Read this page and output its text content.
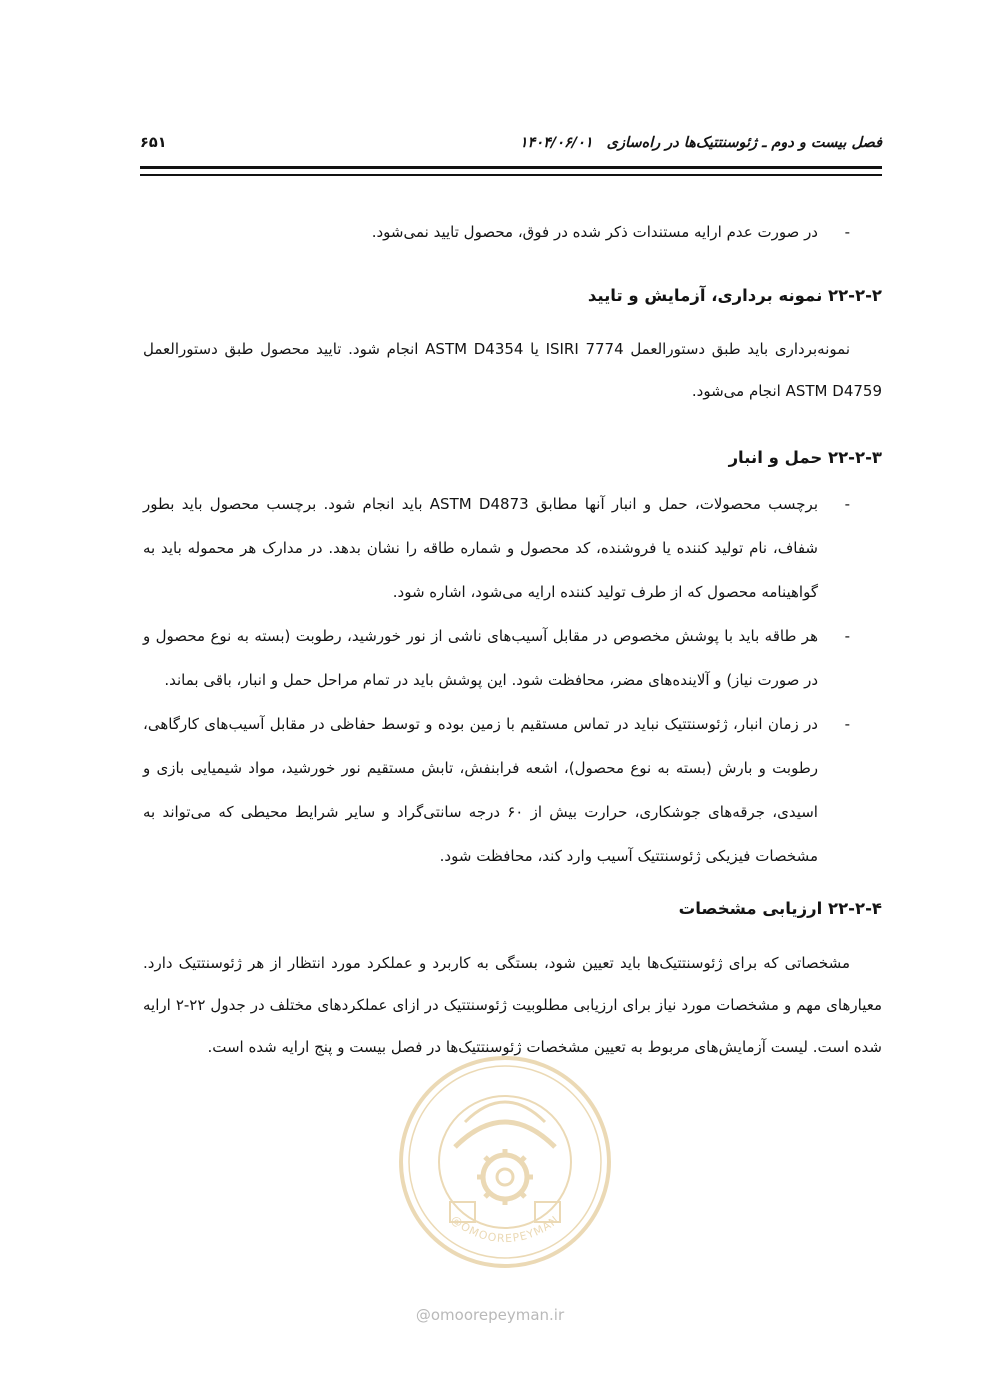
فصل بیست و دوم ـ ژئوسنتتیک‌ها در راه‌سازی
۱۴۰۴/۰۶/۰۱
۶۵۱
-
در صورت عدم ارایه مستندات ذکر شده در فوق، محصول تایید نمی‌شود.
۲۲-۲-۲ نمونه برداری، آزمایش و تایید

نمونه‌برداری باید طبق دستورالعمل ISIRI 7774 یا ASTM D4354 انجام شود. تایید محصول طبق دستورالعمل ASTM D4759 انجام می‌شود.

۲۲-۲-۳ حمل و انبار
-
برچسب محصولات، حمل و انبار آنها مطابق ASTM D4873 باید انجام شود. برچسب محصول باید بطور شفاف، نام تولید کننده یا فروشنده، کد محصول و شماره طاقه را نشان بدهد. در مدارک هر محموله باید به گواهینامه محصول که از طرف تولید کننده ارایه می‌شود، اشاره شود.
-
هر طاقه باید با پوشش مخصوص در مقابل آسیب‌های ناشی از نور خورشید، رطوبت (بسته به نوع محصول و در صورت نیاز) و آلاینده‌های مضر، محافظت شود. این پوشش باید در تمام مراحل حمل و انبار، باقی بماند.
-
در زمان انبار، ژئوسنتتیک نباید در تماس مستقیم با زمین بوده و توسط حفاظی در مقابل آسیب‌های کارگاهی، رطوبت و بارش (بسته به نوع محصول)، اشعه فرابنفش، تابش مستقیم نور خورشید، مواد شیمیایی بازی و اسیدی، جرقه‌های جوشکاری، حرارت بیش از ۶۰ درجه سانتی‌گراد و سایر شرایط محیطی که می‌تواند به مشخصات فیزیکی ژئوسنتتیک آسیب وارد کند، محافظت شود.
۲۲-۲-۴ ارزیابی مشخصات

مشخصاتی که برای ژئوسنتتیک‌ها باید تعیین شود، بستگی به کاربرد و عملکرد مورد انتظار از هر ژئوسنتتیک دارد. معیارهای مهم و مشخصات مورد نیاز برای ارزیابی مطلوبیت ژئوسنتتیک در ازای عملکردهای مختلف در جدول ۲۲-۲ ارایه شده است. لیست آزمایش‌های مربوط به تعیین مشخصات ژئوسنتتیک‌ها در فصل بیست و پنج ارایه شده است.

@OMOOREPEYMAN
@omoorepeyman.ir
